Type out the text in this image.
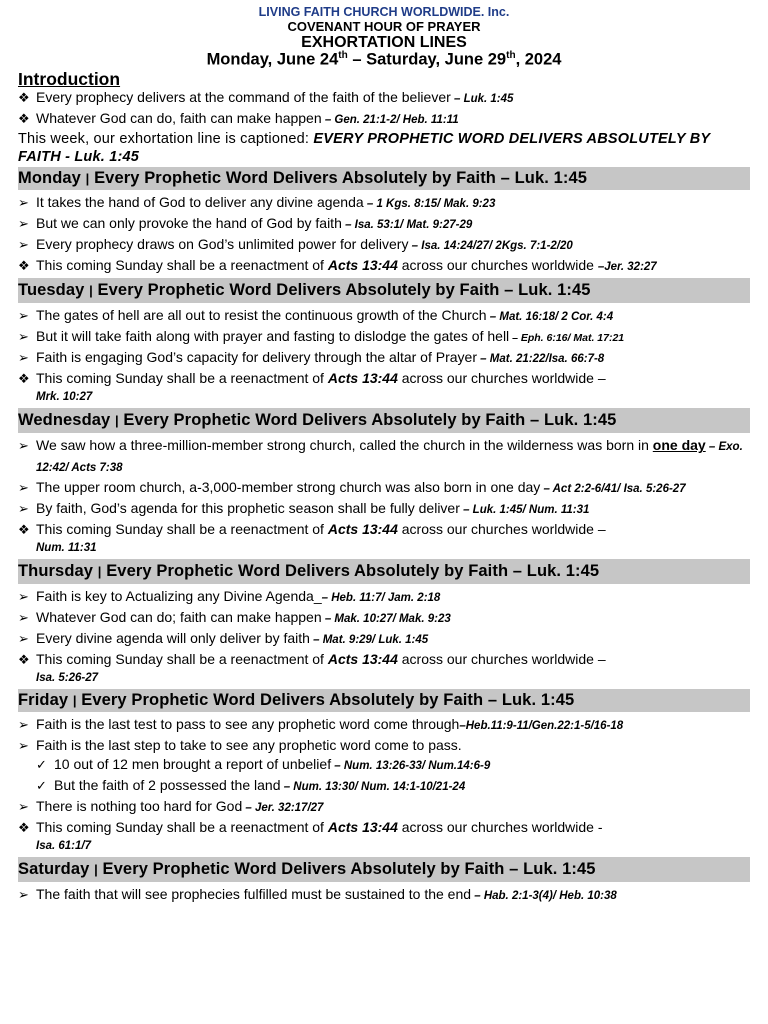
LIVING FAITH CHURCH WORLDWIDE. Inc.
COVENANT HOUR OF PRAYER
EXHORTATION LINES
Monday, June 24th – Saturday, June 29th, 2024
Introduction
❖ Every prophecy delivers at the command of the faith of the believer – Luk. 1:45
❖ Whatever God can do, faith can make happen – Gen. 21:1-2/ Heb. 11:11
This week, our exhortation line is captioned: EVERY PROPHETIC WORD DELIVERS ABSOLUTELY BY FAITH - Luk. 1:45
Monday | Every Prophetic Word Delivers Absolutely by Faith – Luk. 1:45
➢ It takes the hand of God to deliver any divine agenda – 1 Kgs. 8:15/ Mak. 9:23
➢ But we can only provoke the hand of God by faith – Isa. 53:1/ Mat. 9:27-29
➢ Every prophecy draws on God’s unlimited power for delivery – Isa. 14:24/27/ 2Kgs. 7:1-2/20
❖ This coming Sunday shall be a reenactment of Acts 13:44 across our churches worldwide –Jer. 32:27
Tuesday | Every Prophetic Word Delivers Absolutely by Faith – Luk. 1:45
➢ The gates of hell are all out to resist the continuous growth of the Church – Mat. 16:18/ 2 Cor. 4:4
➢ But it will take faith along with prayer and fasting to dislodge the gates of hell – Eph. 6:16/ Mat. 17:21
➢ Faith is engaging God’s capacity for delivery through the altar of Prayer – Mat. 21:22/Isa. 66:7-8
❖ This coming Sunday shall be a reenactment of Acts 13:44 across our churches worldwide –
Mrk. 10:27
Wednesday | Every Prophetic Word Delivers Absolutely by Faith – Luk. 1:45
➢ We saw how a three-million-member strong church, called the church in the wilderness was born in one day – Exo. 12:42/ Acts 7:38
➢ The upper room church, a-3,000-member strong church was also born in one day – Act 2:2-6/41/ Isa. 5:26-27
➢ By faith, God’s agenda for this prophetic season shall be fully deliver – Luk. 1:45/ Num. 11:31
❖ This coming Sunday shall be a reenactment of Acts 13:44 across our churches worldwide –
Num. 11:31
Thursday | Every Prophetic Word Delivers Absolutely by Faith – Luk. 1:45
➢ Faith is key to Actualizing any Divine Agenda_– Heb. 11:7/ Jam. 2:18
➢ Whatever God can do; faith can make happen – Mak. 10:27/ Mak. 9:23
➢ Every divine agenda will only deliver by faith – Mat. 9:29/ Luk. 1:45
❖ This coming Sunday shall be a reenactment of Acts 13:44 across our churches worldwide –
Isa. 5:26-27
Friday | Every Prophetic Word Delivers Absolutely by Faith – Luk. 1:45
➢ Faith is the last test to pass to see any prophetic word come through–Heb.11:9-11/Gen.22:1-5/16-18
➢ Faith is the last step to take to see any prophetic word come to pass.
✓ 10 out of 12 men brought a report of unbelief – Num. 13:26-33/ Num.14:6-9
✓ But the faith of 2 possessed the land – Num. 13:30/ Num. 14:1-10/21-24
➢ There is nothing too hard for God – Jer. 32:17/27
❖ This coming Sunday shall be a reenactment of Acts 13:44 across our churches worldwide -
Isa. 61:1/7
Saturday | Every Prophetic Word Delivers Absolutely by Faith – Luk. 1:45
➢ The faith that will see prophecies fulfilled must be sustained to the end – Hab. 2:1-3(4)/ Heb. 10:38
